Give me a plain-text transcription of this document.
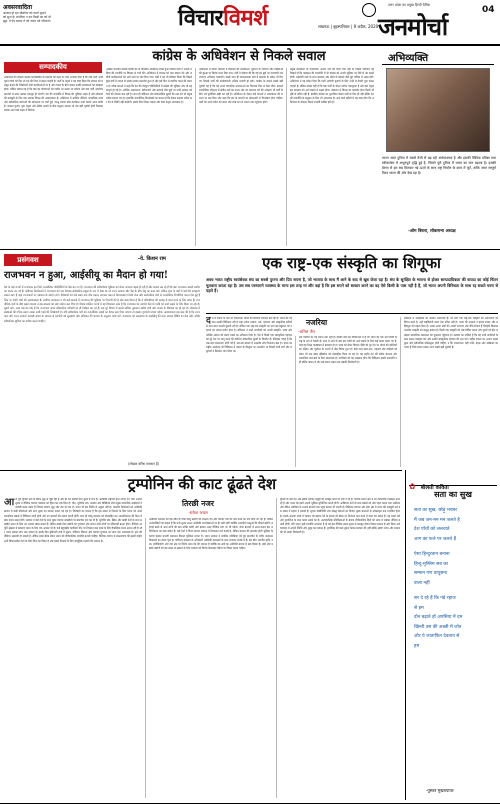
अवसरवादिता
आज़ाद हो रहा सीसोयट को पलते सुनाने
को सुना है। संपतिया न यश किसी का को भी
ख़ुद. ये ऐड़ चलना ते नये जनम नये परिजनो।	विचारविमर्श	लखनऊ | बृहस्पतिवार | 9 अप्रैल, 2020 जनमोर्चा
उत्तर प्रदेश का प्रमुख हिन्दी दैनिक	04
सम्पादकीय
अधिवेशन की संकल्प कांग्रेस कार्यसमिति के प्रस्तावों को पढ़ने पर ऐसा आभास होता है कि जैसे पार्टी अपने पुराने गौरव को फिर से पाने की दिशा में बढ़ना चाहती है। पार्टी के नेतृत्व ने यह स्पष्ट किया कि संगठन को मजबूत बनाने की जिम्मेदारी सभी कार्यकर्ताओं पर है और जनता के बीच जाकर उनकी समस्याओं को समझना होगा। लेकिन सवाल यह है कि क्या इन घोषणाओं को जमीन पर उतारा जा सकेगा और क्या पार्टी आंतरिक मतभेदों से ऊपर उठकर एकजुट हो पाएगी। देश की राजनीति में विपक्ष की भूमिका अहम है और लोकतंत्र की मजबूती के लिए एक सशक्त विपक्ष की आवश्यकता है। अधिवेशन में आर्थिक नीतियों, सामाजिक न्याय और संवैधानिक संस्थाओं की स्वायत्तता पर चर्चा हुई, परन्तु इनका ठोस कार्यक्रम अभी सामने आना बाकी है। संगठन चुनाव, युवा नेतृत्व और क्षेत्रीय क्षत्रपों के बीच संतुलन साधना भी एक बड़ी चुनौती होगी जिसका जवाब आने वाले समय में मिलेगा।
कांग्रेस के अधिवेशन से निकले सवाल
अखिल भारतीय कांग्रेस कमेटी का दो दिवसीय अधिवेशन संपन्न हुआ जिसमें पार्टी ने अपनी भविष्य की रणनीति पर विस्तार से चर्चा की। अधिवेशन में संगठन को नया स्वरूप देने और जमीनी कार्यकर्ताओं को आगे लाने पर जोर दिया गया। पार्टी ने यह भी स्वीकार किया कि पिछले कुछ वर्षों में जनता से उसका संवाद कमजोर हुआ है और इसे फिर से स्थापित करने की जरूरत है। वरिष्ठ नेताओं ने कहा कि देश की मौजूदा परिस्थितियों में कांग्रेस की भूमिका और भी महत्वपूर्ण हो गई है। आर्थिक असमानता, बेरोजगारी और महंगाई जैसे मुद्दों पर पार्टी सरकार को घेरने की योजना बना रही है। साथ ही संविधान और लोकतांत्रिक मूल्यों की रक्षा को भी प्रमुख एजेंडा बनाया गया है। हालांकि राजनीतिक विश्लेषकों का मानना है कि केवल प्रस्ताव पारित कर देने से स्थिति नहीं बदलेगी, इसके लिए निरंतर प्रयास और स्पष्ट नेतृत्व आवश्यक है।
अधिवेशन में पारित प्रस्तावों में किसानों की समस्याओं, युवाओं के रोजगार और महिलाओं की सुरक्षा पर विशेष ध्यान दिया गया। पार्टी ने घोषणा की कि वह इन मुद्दों पर देशव्यापी जनजागरण अभियान चलाएगी। इसके साथ ही संगठनात्मक ढांचे में बदलाव के संकेत भी दिए गए जिससे पार्टी की कार्यप्रणाली अधिक प्रभावी हो सके। कांग्रेस के सामने सबसे बड़ी चुनौती यह है कि वह अपने पारंपरिक मतदाताओं का विश्वास फिर से कैसे जीते। बदलते राजनीतिक परिदृश्य में क्षेत्रीय दलों का उभार और नए मतदाता वर्ग की अपेक्षाएं भी पार्टी के लिए नई चुनौतियां खड़ी कर रही हैं। अधिवेशन के दौरान कई नेताओं ने आत्ममंथन की जरूरत पर बल दिया और कहा कि हार के कारणों का ईमानदारी से विश्लेषण होना चाहिए। पार्टी को अपने संदेश को सरल और स्पष्ट रूप से जनता तक पहुंचाना होगा।
प्रमुख कार्यकर्ता के पारदर्शिता आधार पोट की दिशों चोट नहीं के पिछले परिणाम यह दिखाते हैं कि गठबंधन की राजनीति में भी कांग्रेस को अपनी भूमिका नए सिरे से तय करनी होगी। सहयोगी दलों के साथ समन्वय और सीटों के बंटवारे जैसे मुद्दे भविष्य में अहम होंगे। अधिवेशन ने यह संकेत दिया कि पार्टी आगामी चुनावों के लिए अभी से तैयारी शुरू करना चाहती है। लेकिन सवाल वही है कि क्या पार्टी के भीतर पर्याप्त एकजुटता है और क्या नेतृत्व इस बदलाव को आगे बढ़ाने में सक्षम होगा। लोकतंत्र में विपक्ष का कमजोर होना किसी भी दृष्टि से उचित नहीं है, इसलिए कांग्रेस का पुनर्जीवन केवल पार्टी के लिए ही नहीं बल्कि देश की राजनीति के संतुलन के लिए भी आवश्यक है। आने वाले महीनों में यह स्पष्ट होगा कि अधिवेशन के संकल्प कितने प्रभावी साबित होते हैं।
अभिव्यक्ति
भारत आज दुनिया में सबसे तेजी से बढ़ रही अर्थव्यवस्था है और इसकी वैश्विक प्रतिष्ठा तथा स्वीकार्यता में अभूतपूर्व वृद्धि हुई है, जिसने पूरी दुनिया में भारत का मान बढ़ाया है। इसकी प्रेरणा से हम सब मिलकर नई ऊर्जा के साथ राष्ट्र निर्माण के काम में जुटें, ताकि आज सम्पूर्ण विश्व भारत की ओर देख रहा है।
-ओम बिरला, लोकसभा अध्यक्ष
प्रसंगवश	-वे. किशन राम
राजभवन न हुआ, आईसीयू का मैदान हो गया!
देश के कई राज्यों में राजभवन इन दिनों राजनीतिक गतिविधियों के केंद्र बन गए हैं। राज्यपाल की संवैधानिक भूमिका को लेकर लगातार बहस हो रही है और सवाल उठ रहे हैं कि क्या राजभवन अपनी मर्यादा का पालन कर रहे हैं। संविधान निर्माताओं ने राज्यपाल को एक निष्पक्ष संवैधानिक प्रमुख के रूप में देखा था जो राज्य सरकार और केंद्र के बीच सेतु का काम करे। लेकिन हाल के वर्षों में कई ऐसे उदाहरण सामने आए हैं जहां राज्यपालों पर पक्षपात के आरोप लगे। विधेयकों को लंबे समय तक रोके रखना, सरकार गठन में विवादास्पद निर्णय लेना और सार्वजनिक मंचों से राजनीतिक टिप्पणियां करना ऐसे मुद्दे हैं जिन पर गंभीर चर्चा की आवश्यकता है। सर्वोच्च न्यायालय ने भी कई मामलों में राज्यपाल की भूमिका पर टिप्पणी की है और स्पष्ट किया है कि वे मंत्रिपरिषद की सलाह से काम करने के लिए बाध्य हैं। राजनीतिक दलों के बीच बढ़ते टकराव ने इस समस्या को और जटिल बना दिया है। विपक्ष शासित राज्यों में यह शिकायत आम है कि राजभवन का उपयोग केंद्र के एजेंडे को आगे बढ़ाने के लिए किया जा रहा है। दूसरी ओर, सत्ता पक्ष का तर्क है कि राज्यपाल अपने संवैधानिक दायित्वों का ही निर्वहन कर रहे हैं। इस पूरे विवाद में सबसे अधिक नुकसान संघीय ढांचे और जनता के विश्वास का हो रहा है। लोकतंत्र में संस्थाओं की गरिमा बनाए रखना सभी पक्षों की जिम्मेदारी है। यदि संवैधानिक पदों को राजनीतिक लड़ाई का मैदान बना दिया जाएगा तो इसका दूरगामी प्रभाव पड़ेगा। आवश्यकता इस बात की है कि राज्यपाल और राज्य सरकारें आपसी संवाद के माध्यम से मतभेदों को सुलझाएं और संविधान की भावना के अनुरूप कार्य करें। राजभवन को अस्पताल के आईसीयू की तरह आपात स्थिति का केंद्र नहीं, बल्कि संवैधानिक शुचिता का प्रतीक बनना चाहिए।
(लेखक वरिष्ठ पत्रकार हैं)
एक राष्ट्र-एक संस्कृति का शिगूफा
अवध भारत राष्ट्रीय स्वयंसेवक संघ का सबसे पुराना और प्रिय सपना है, जो भाजपा के साथ मैं आने के बाद से खुब जेजा रहा है। संघ के सूरंक्षित के भावना से होकर साम्प्रदायिकता की वायदा का कोई चिंतन मूलधारा करता रहा है। उस सब परस्पराने व्यवस्था के मान्य इस तरह मां और वहां है कि इस सपने को साकार करने का वह ऐसे किसी के पास नहीं है हैं, जो भारत अपनी विविधता के साथ रह सकते चरण से पहले हैं।
देश में एकता के नाम पर एकरूपता थोपने की कोशिशें लगातार बढ़ रही हैं। भारत की पहचान उसकी विविधता रही है जहां अनेक भाषाएं, धर्म, परंपराएं और संस्कृतियां सदियों से साथ-साथ फलती-फूलती रही हैं। लेकिन एक राष्ट्र-एक संस्कृति का नारा इस बहुलता को नकारने का प्रयास प्रतीत होता है। संविधान ने सभी नागरिकों को अपनी संस्कृति, भाषा और धार्मिक आस्था को बनाए रखने का अधिकार दिया है। ऐसे में किसी एक सांस्कृतिक पहचान को पूरे देश पर लागू करने की कोशिश संवैधानिक मूल्यों के विपरीत है। इतिहास गवाह है कि जब-जब एकरूपता थोपी गई है, तब-तब समाज में असंतोष और विभाजन बढ़ा है। भारत का राष्ट्रीय आंदोलन भी विविधता में एकता के सिद्धांत पर आधारित था जिसमें सभी वर्गों और समुदायों ने मिलकर भाग लिया था।
नजरिया
-अनिल जैन
संघ परिवार का यह सपना नया नहीं है। इसकी जड़ें उस विचारधारा में हैं जो भारत को एक धर्म विशेष के राष्ट्र के रूप में देखती है। सत्ता में आने के बाद इस एजेंडे को आगे बढ़ाने के लिए कई कदम उठाए गए हैं, चाहे वह शिक्षा पाठ्यक्रम में बदलाव हो या भाषा को लेकर विवाद। हिंदी को पूरे देश पर थोपने की कोशिशों का दक्षिण और पूर्वोत्तर के राज्यों में तीव्र विरोध हुआ है। इसी तरह खान-पान, पहनावे और त्योहारों को लेकर भी एक खास दृष्टिकोण को प्रोत्साहित किया जा रहा है। यह प्रवृत्ति देश की संघीय संरचना और सामाजिक ताने-बाने के लिए खतरनाक है। नागरिकों को यह समझना होगा कि विविधता हमारी कमजोरी नहीं बल्कि ताकत है और इसे बचाए रखना हम सबकी जिम्मेदारी है।
लोकतंत्र में असहमति का सम्मान आवश्यक है। जो लोग एक राष्ट्र-एक संस्कृति की अवधारणा का विरोध करते हैं, उन्हें राष्ट्रविरोधी करार देना उचित नहीं है। भारत की सभ्यता ने हमेशा संवाद और सहिष्णुता को महत्व दिया है। अलग-अलग क्षेत्रों की अपनी परंपराएं और रीति-रिवाज हैं जिन्होंने मिलकर भारतीय संस्कृति को समृद्ध बनाया है। किसी एक संस्कृति को श्रेष्ठ घोषित करना और दूसरों को हीन समझना सामाजिक समरसता को नुकसान पहुंचाता है। सरकार का दायित्व है कि वह सभी नागरिकों के साथ समान व्यवहार करे और उनकी सांस्कृतिक पहचान की रक्षा करे। राष्ट्रीय एकता का आधार साझा मूल्य और संवैधानिक प्रतिबद्धता होनी चाहिए, न कि एकरूपता। यही गांधी, नेहरू और अंबेडकर का भारत है जिसे बचाए रखना आज सबसे बड़ी चुनौती है।
ट्रम्पोनिन की काट ढूंढते देश
आज पूरी दुनिया ट्रम्प के टैरिफ युद्ध से जूझ रही है और हर देश इसकी काट ढूंढने में लगा है। अमेरिकी राष्ट्रपति द्वारा लगाए गए भारी आयात शुल्क ने वैश्विक व्यापार व्यवस्था को हिला कर रख दिया है। चीन, यूरोपीय संघ, कनाडा और मैक्सिको जैसे प्रमुख व्यापारिक साझेदारों ने जवाबी कदम उठाए हैं जिससे व्यापार युद्ध और तेज हो गया है। भारत भी इस स्थिति से अछूता नहीं है। भारतीय निर्यातकों को अमेरिकी बाजार में कड़ी प्रतिस्पर्धा और ऊंचे शुल्क का सामना करना पड़ रहा है। विशेषज्ञों का मानना है कि इस संकट से निपटने के लिए भारत को अपने व्यापारिक संबंधों में विविधता लानी होगी और नए बाजारों की तलाश करनी होगी। साथ ही घरेलू उत्पादन को प्रोत्साहित कर आत्मनिर्भरता की दिशा में ठोस कदम उठाने होंगे। सरकार ने कई देशों के साथ मुक्त व्यापार समझौतों पर बातचीत तेज कर दी है। यूरोपीय संघ, ब्रिटेन और खाड़ी देशों के साथ समझौते भारत के लिए नए अवसर खोल सकते हैं। लेकिन इसके लिए उद्योगों को गुणवत्ता और लागत दोनों मोर्चों पर प्रतिस्पर्धी बनना होगा। वैश्विक आपूर्ति श्रृंखला में बदलाव भारत के लिए एक अवसर भी है। कई बहुराष्ट्रीय कंपनियां चीन पर निर्भरता कम करने के लिए वैकल्पिक स्थान तलाश रही हैं और भारत इसका लाभ उठा सकता है। इसके लिए बुनियादी ढांचे में सुधार, नीतिगत स्थिरता और व्यापार सुगमता पर ध्यान देना आवश्यक है। ट्रम्प की नीतियां अस्थायी हो सकती हैं, लेकिन इनसे सीख लेकर भारत को दीर्घकालिक रणनीति बनानी चाहिए। वैश्विक व्यापार में संरक्षणवाद की बढ़ती प्रवृत्ति सभी विकासशील देशों के लिए चिंता का विषय है और इससे निपटने के लिए सामूहिक प्रयासों की जरूरत है।
तिरछी नजर
-राकेश अचल
अमेरिकी प्रशासन की इस नीति के पीछे घरेलू उद्योगों को संरक्षण देने और व्यापार घाटे को कम करने का तर्क दिया जा रहा है। लेकिन अर्थशास्त्रियों का कहना है कि ऊंचे शुल्क अंततः अमेरिकी उपभोक्ताओं पर ही भारी पड़ेंगे क्योंकि आयातित वस्तुओं की कीमतें बढ़ेंगी। महंगाई बढ़ने से आम लोगों की क्रय शक्ति घटेगी और इसका असर वैश्विक मांग पर भी पड़ेगा। शेयर बाजारों में उतार-चढ़ाव इस अनिश्चितता का स्पष्ट संकेत है। कई देशों ने विश्व व्यापार संगठन में शिकायत दर्ज कराई है, लेकिन संगठन की कमजोर होती भूमिका के कारण इसका प्रभावी समाधान मिलना मुश्किल लगता है। भारत सरकार ने संयमित प्रतिक्रिया देते हुए बातचीत के जरिए समाधान निकालने का रास्ता चुना है। वाणिज्य मंत्रालय के अधिकारी अमेरिकी समकक्षों के साथ लगातार संपर्क में हैं। इस बीच भारतीय कृषि, वस्त्र, इंजीनियरिंग और दवा क्षेत्र पर विशेष ध्यान देने की जरूरत है क्योंकि इन क्षेत्रों का अमेरिकी बाजार में बड़ा हिस्सा है। छोटे और मझोले उद्योगों को इस संकट से उबारने के लिए सरकार को विशेष प्रोत्साहन पैकेज पर विचार करना चाहिए।
दुनिया के कई देश अब क्षेत्रीय व्यापार समूहों को मजबूत करने पर जोर दे रहे हैं। एशिया-प्रशांत क्षेत्र में नए व्यापारिक गठबंधन उभर रहे हैं और भारत को इनमें अपनी भूमिका सुनिश्चित करनी होगी। आसियान देशों के साथ संबंधों को और गहरा करना तथा अफ्रीका और लैटिन अमेरिका के उभरते बाजारों तक पहुंच बनाना भी जरूरी है। डिजिटल व्यापार और सेवा क्षेत्र में भारत की मजबूती उसे इस संकट में सहारा दे सकती है। सूचना प्रौद्योगिकी और संबद्ध सेवाओं का निर्यात शुल्क बाधाओं से अपेक्षाकृत कम प्रभावित होता है। इसके अलावा रुपये में व्यापार को बढ़ावा देने के प्रयास भी डॉलर पर निर्भरता कम करने में मदद कर सकते हैं। यह समय धैर्य और दूरदर्शिता के साथ कदम उठाने का है। अल्पकालिक प्रतिक्रियाओं के बजाय दीर्घकालिक हितों को ध्यान में रखकर नीतियां बनानी होंगी। यदि भारत सही रणनीति अपनाता है तो वह इस वैश्विक उथल-पुथल से मजबूत होकर निकल सकता है और विश्व अर्थव्यवस्था में अपनी स्थिति और सुदृढ़ कर सकता है। ट्रम्पोनिन की काट ढूंढना केवल सरकार की नहीं बल्कि उद्योग जगत और समाज की भी साझा जिम्मेदारी है।
✿ बोलती कविता
सता का सुख
सता का सुख, छोड़ूं भयबर
मैं जब जन-मन मन जलते है
देश पाँचों को ललचाते
आग का फले पर जलते हैं
ऐसा हिन्दुरतान बनाना
हिन्दु-मुस्लिम सब का
सम्मान गण वायुसना
वाला नहीं
सर दे रहे हैं कि गड़े रहाज
से हम
दोन बढ़ाते हों अपसिया में दम
खिन्ती उस की अच्छी में जोत
और ये जाताफ़ित देवताय से
हम
-पुस्कर मुख्तायापर
